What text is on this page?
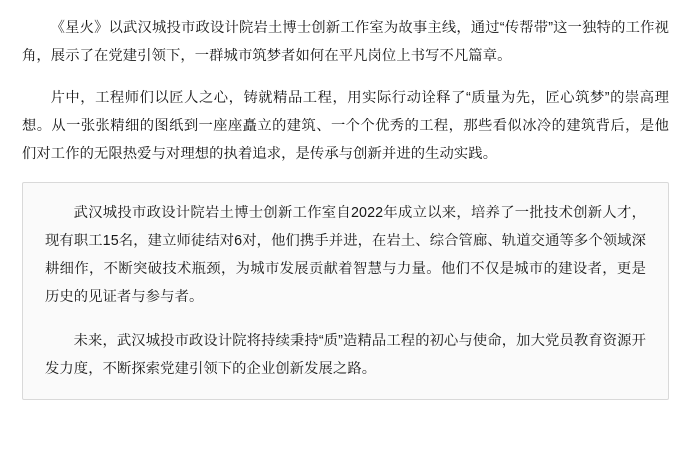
《星火》以武汉城投市政设计院岩土博士创新工作室为故事主线，通过“传帮带”这一独特的工作视角，展示了在党建引领下，一群城市筑梦者如何在平凡岗位上书写不凡篇章。

片中，工程师们以匠人之心，铸就精品工程，用实际行动诠释了“质量为先，匠心筑梦”的崇高理想。从一张张精细的图纸到一座座矗立的建筑、一个个优秀的工程，那些看似冰冷的建筑背后，是他们对工作的无限热爱与对理想的执着追求，是传承与创新并进的生动实践。

武汉城投市政设计院岩土博士创新工作室自2022年成立以来，培养了一批技术创新人才，现有职工15名，建立师徒结对6对，他们携手并进，在岩土、综合管廊、轨道交通等多个领域深耕细作，不断突破技术瓶颈，为城市发展贡献着智慧与力量。他们不仅是城市的建设者，更是历史的见证者与参与者。

未来，武汉城投市政设计院将持续秉持“质”造精品工程的初心与使命，加大党员教育资源开发力度，不断探索党建引领下的企业创新发展之路。
